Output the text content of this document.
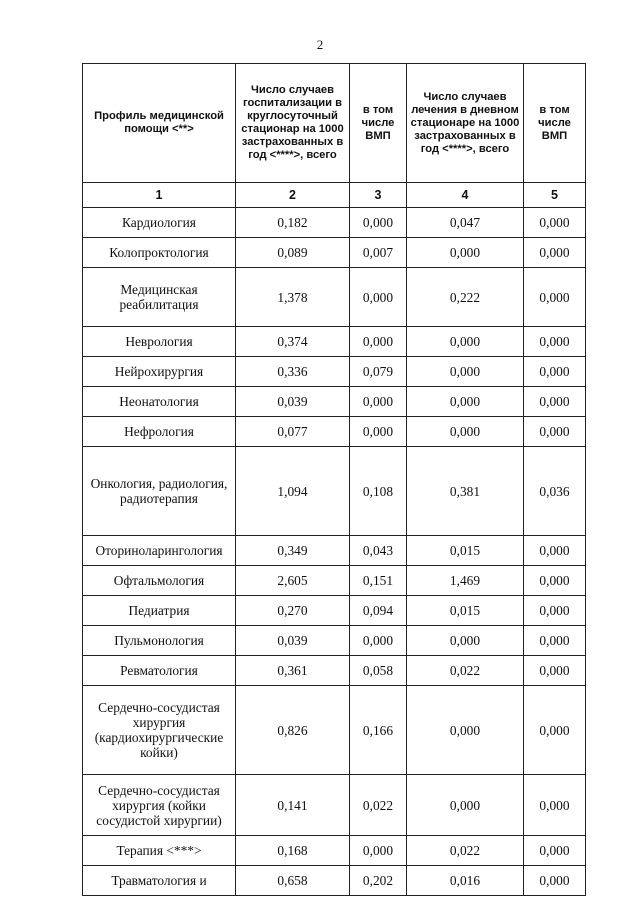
2
Профиль медицинской помощи <**>	Число случаев госпитализации в круглосуточный стационар на 1000 застрахованных в год <****>, всего	в том числе ВМП	Число случаев лечения в дневном стационаре на 1000 застрахованных в год <****>, всего	в том числе ВМП
1	2	3	4	5
Кардиология	0,182	0,000	0,047	0,000
Колопроктология	0,089	0,007	0,000	0,000
Медицинская реабилитация	1,378	0,000	0,222	0,000
Неврология	0,374	0,000	0,000	0,000
Нейрохирургия	0,336	0,079	0,000	0,000
Неонатология	0,039	0,000	0,000	0,000
Нефрология	0,077	0,000	0,000	0,000
Онкология, радиология, радиотерапия	1,094	0,108	0,381	0,036
Оториноларингология	0,349	0,043	0,015	0,000
Офтальмология	2,605	0,151	1,469	0,000
Педиатрия	0,270	0,094	0,015	0,000
Пульмонология	0,039	0,000	0,000	0,000
Ревматология	0,361	0,058	0,022	0,000
Сердечно-сосудистая хирургия (кардиохирургические койки)	0,826	0,166	0,000	0,000
Сердечно-сосудистая хирургия (койки сосудистой хирургии)	0,141	0,022	0,000	0,000
Терапия <***>	0,168	0,000	0,022	0,000
Травматология и	0,658	0,202	0,016	0,000
